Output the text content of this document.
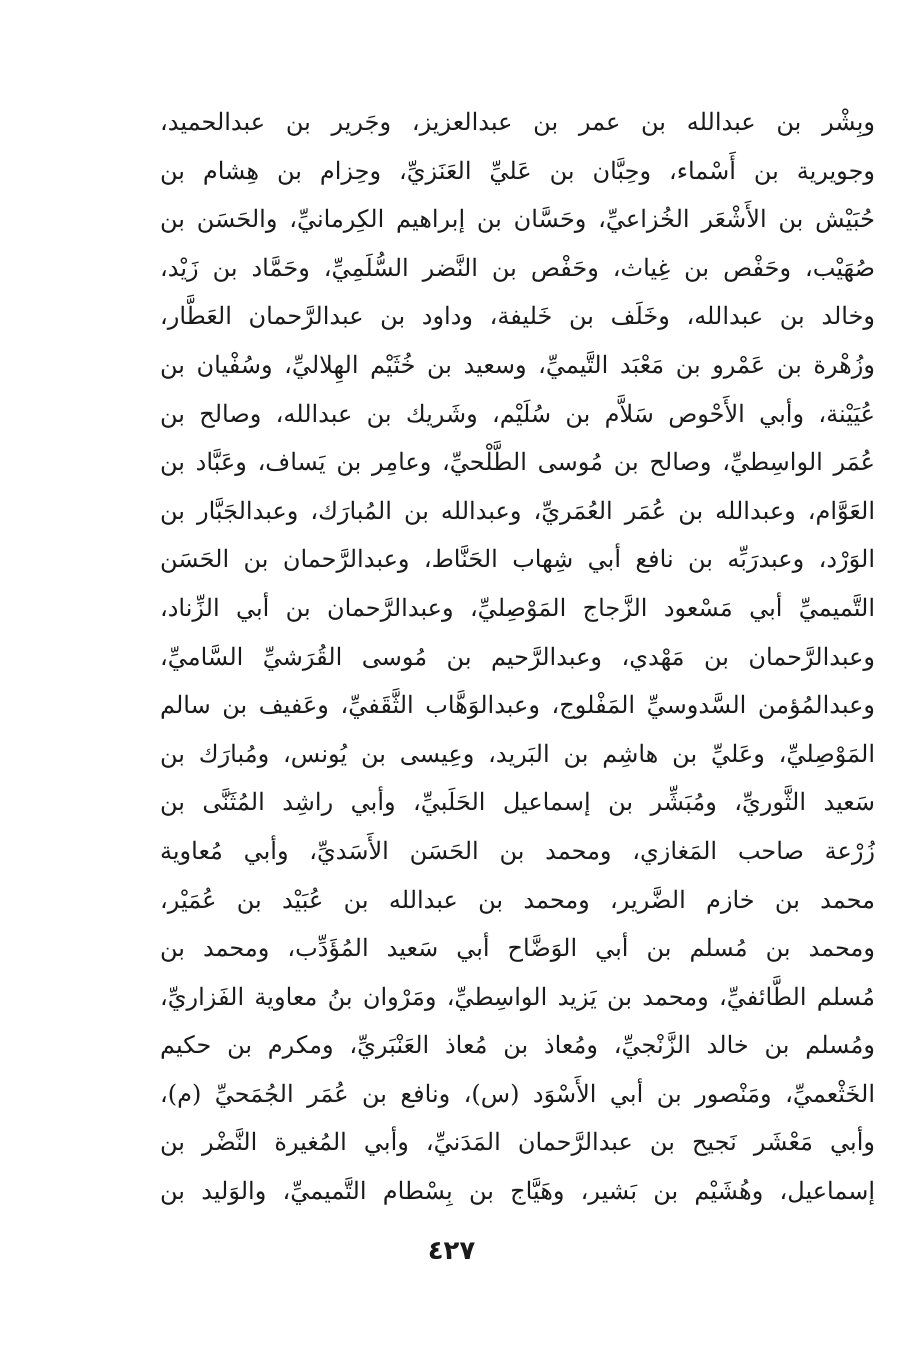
وبِشْر بن عبدالله بن عمر بن عبدالعزيز، وجَرير بن عبدالحميد،
وجويرية بن أَسْماء، وحِبَّان بن عَليِّ العَنَزيِّ، وحِزام بن هِشام بن
حُبَيْش بن الأَشْعَر الخُزاعيِّ، وحَسَّان بن إبراهيم الكِرمانيِّ، والحَسَن بن
صُهَيْب، وحَفْص بن غِياث، وحَفْص بن النَّضر السُّلَمِيِّ، وحَمَّاد بن زَيْد،
وخالد بن عبدالله، وخَلَف بن خَليفة، وداود بن عبدالرَّحمان العَطَّار،
وزُهْرة بن عَمْرو بن مَعْبَد التَّيميِّ، وسعيد بن خُثَيْم الهِلاليِّ، وسُفْيان بن
عُيَيْنة، وأبي الأَحْوص سَلاَّم بن سُلَيْم، وشَريك بن عبدالله، وصالح بن
عُمَر الواسِطيِّ، وصالح بن مُوسى الطَّلْحيِّ، وعامِر بن يَساف، وعَبَّاد بن
العَوَّام، وعبدالله بن عُمَر العُمَريِّ، وعبدالله بن المُبارَك، وعبدالجَبَّار بن
الوَرْد، وعبدرَبِّه بن نافع أبي شِهاب الحَنَّاط، وعبدالرَّحمان بن الحَسَن
التَّميميِّ أبي مَسْعود الزَّجاج المَوْصِليِّ، وعبدالرَّحمان بن أبي الزِّناد،
وعبدالرَّحمان بن مَهْدي، وعبدالرَّحيم بن مُوسى القُرَشيِّ السَّاميِّ،
وعبدالمُؤمن السَّدوسيِّ المَفْلوج، وعبدالوَهَّاب الثَّقَفيِّ، وعَفيف بن سالم
المَوْصِليِّ، وعَليِّ بن هاشِم بن البَريد، وعِيسى بن يُونس، ومُبارَك بن
سَعيد الثَّوريِّ، ومُبَشِّر بن إسماعيل الحَلَبيِّ، وأبي راشِد المُثَنَّى بن
زُرْعة صاحب المَغازي، ومحمد بن الحَسَن الأَسَديِّ، وأبي مُعاوية
محمد بن خازم الضَّرير، ومحمد بن عبدالله بن عُبَيْد بن عُمَيْر،
ومحمد بن مُسلم بن أبي الوَضَّاح أبي سَعيد المُؤَدِّب، ومحمد بن
مُسلم الطَّائفيِّ، ومحمد بن يَزيد الواسِطيِّ، ومَرْوان بنُ معاوية الفَزاريِّ،
ومُسلم بن خالد الزَّنْجيِّ، ومُعاذ بن مُعاذ العَنْبَريِّ، ومكرم بن حكيم
الخَثْعميِّ، ومَنْصور بن أبي الأَسْوَد (س)، ونافع بن عُمَر الجُمَحيِّ (م)،
وأبي مَعْشَر نَجيح بن عبدالرَّحمان المَدَنيِّ، وأبي المُغيرة النَّضْر بن
إسماعيل، وهُشَيْم بن بَشير، وهَيَّاج بن بِسْطام التَّميميِّ، والوَليد بن
٤٢٧
